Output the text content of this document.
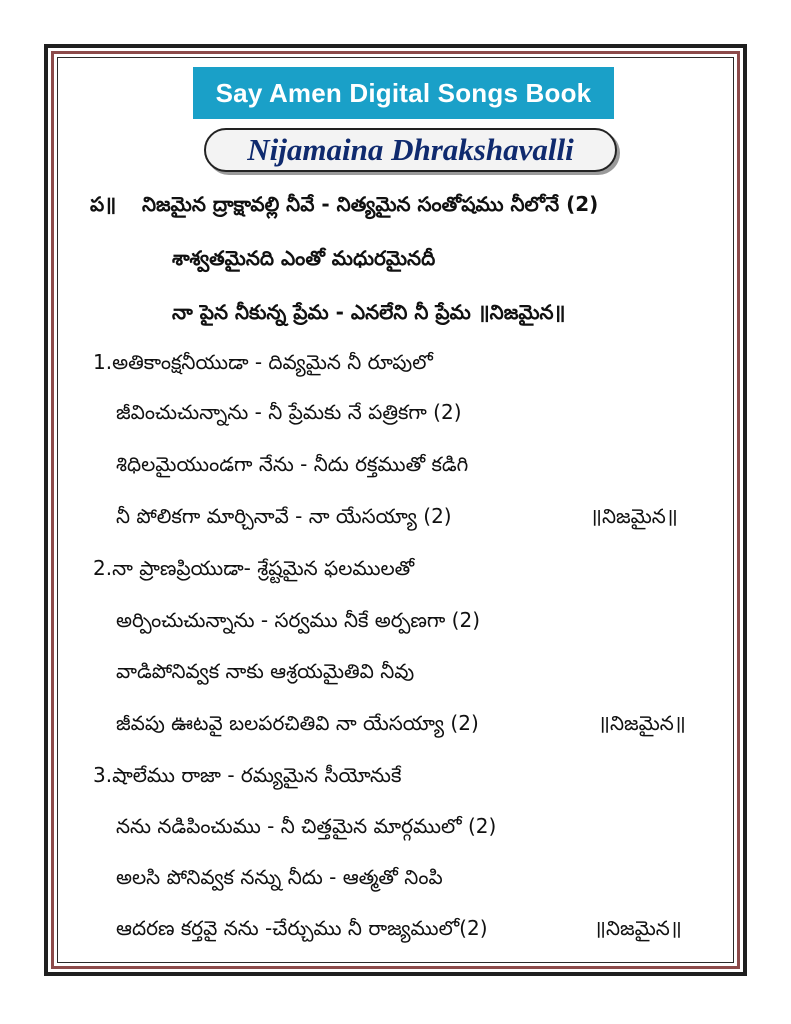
Say Amen Digital Songs Book
Nijamaina Dhrakshavalli
ప॥ నిజమైన ద్రాక్షావల్లి నీవే - నిత్యమైన సంతోషము నీలోనే (2)
శాశ్వతమైనది ఎంతో మధురమైనదీ
నా పైన నీకున్న ప్రేమ - ఎనలేని నీ ప్రేమ ॥నిజమైన॥
1.అతికాంక్షనీయుడా - దివ్యమైన నీ రూపులో
జీవించుచున్నాను - నీ ప్రేమకు నే పత్రికగా (2)
శిధిలమైయుండగా నేను - నీదు రక్తముతో కడిగి
నీ పోలికగా మార్చినావే - నా యేసయ్యా (2)	॥నిజమైన॥
2.నా ప్రాణప్రియుడా- శ్రేష్టమైన ఫలములతో
అర్పించుచున్నాను - సర్వము నీకే అర్పణగా (2)
వాడిపోనివ్వక నాకు ఆశ్రయమైతివి నీవు
జీవపు ఊటవై బలపరచితివి నా యేసయ్యా (2)	॥నిజమైన॥
3.షాలేము రాజా - రమ్యమైన సీయోనుకే
నను నడిపించుము - నీ చిత్తమైన మార్గములో (2)
అలసి పోనివ్వక నన్ను నీదు - ఆత్మతో నింపి
ఆదరణ కర్తవై నను -చేర్చుము నీ రాజ్యములో(2)	॥నిజమైన॥
